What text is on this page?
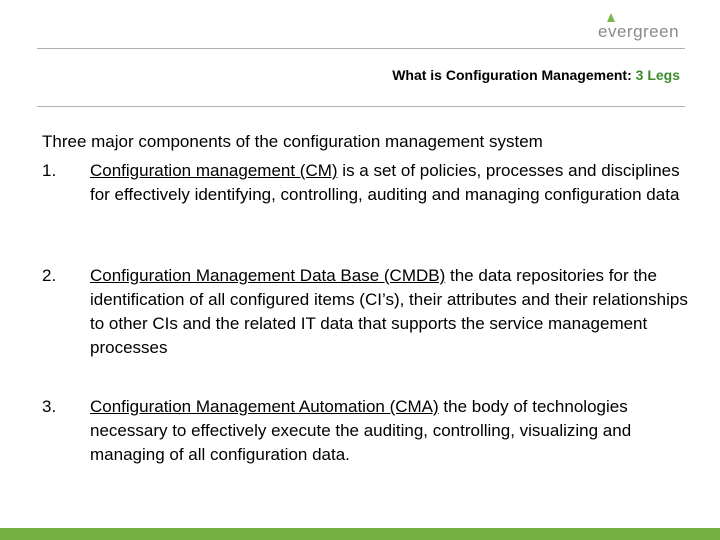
evergreen
What is Configuration Management: 3 Legs
Three major components of the configuration management system
1. Configuration management (CM) is a set of policies, processes and disciplines for effectively identifying, controlling, auditing and managing configuration data
2. Configuration Management Data Base (CMDB) the data repositories for the identification of all configured items (CI’s), their attributes and their relationships to other CIs and the related IT data that supports the service management processes
3. Configuration Management Automation (CMA) the body of technologies necessary to effectively execute the auditing, controlling, visualizing and managing of all configuration data.
